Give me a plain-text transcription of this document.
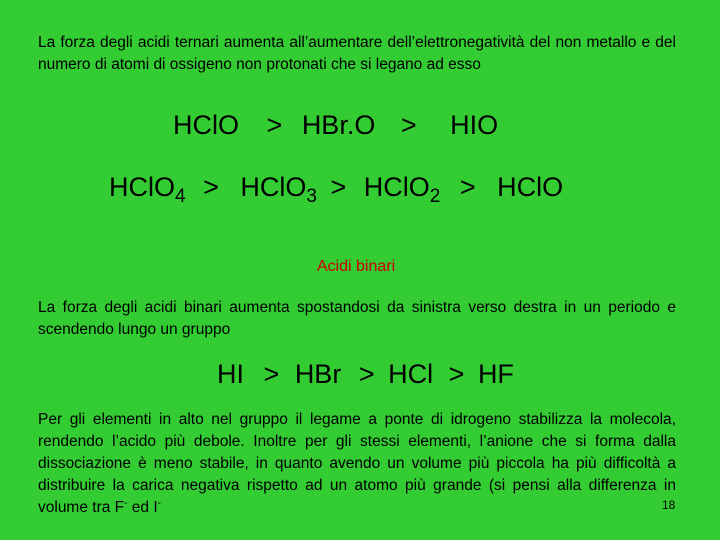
La forza degli acidi ternari aumenta all’aumentare dell’elettronegatività del non metallo e del numero di atomi di ossigeno non protonati che si legano ad esso
HClO > HBr.O > HIO
HClO$_4$ > HClO$_3$ > HClO$_2$ > HClO
Acidi binari
La forza degli acidi binari aumenta spostandosi da sinistra verso destra in un periodo e scendendo lungo un gruppo
HI > HBr > HCl > HF
Per gli elementi in alto nel gruppo il legame a ponte di idrogeno stabilizza la molecola, rendendo l’acido più debole. Inoltre per gli stessi elementi, l’anione che si forma dalla dissociazione è meno stabile, in quanto avendo un volume più piccola ha più difficoltà a distribuire la carica negativa rispetto ad un atomo più grande (si pensi alla differenza in volume tra F- ed I-	18
